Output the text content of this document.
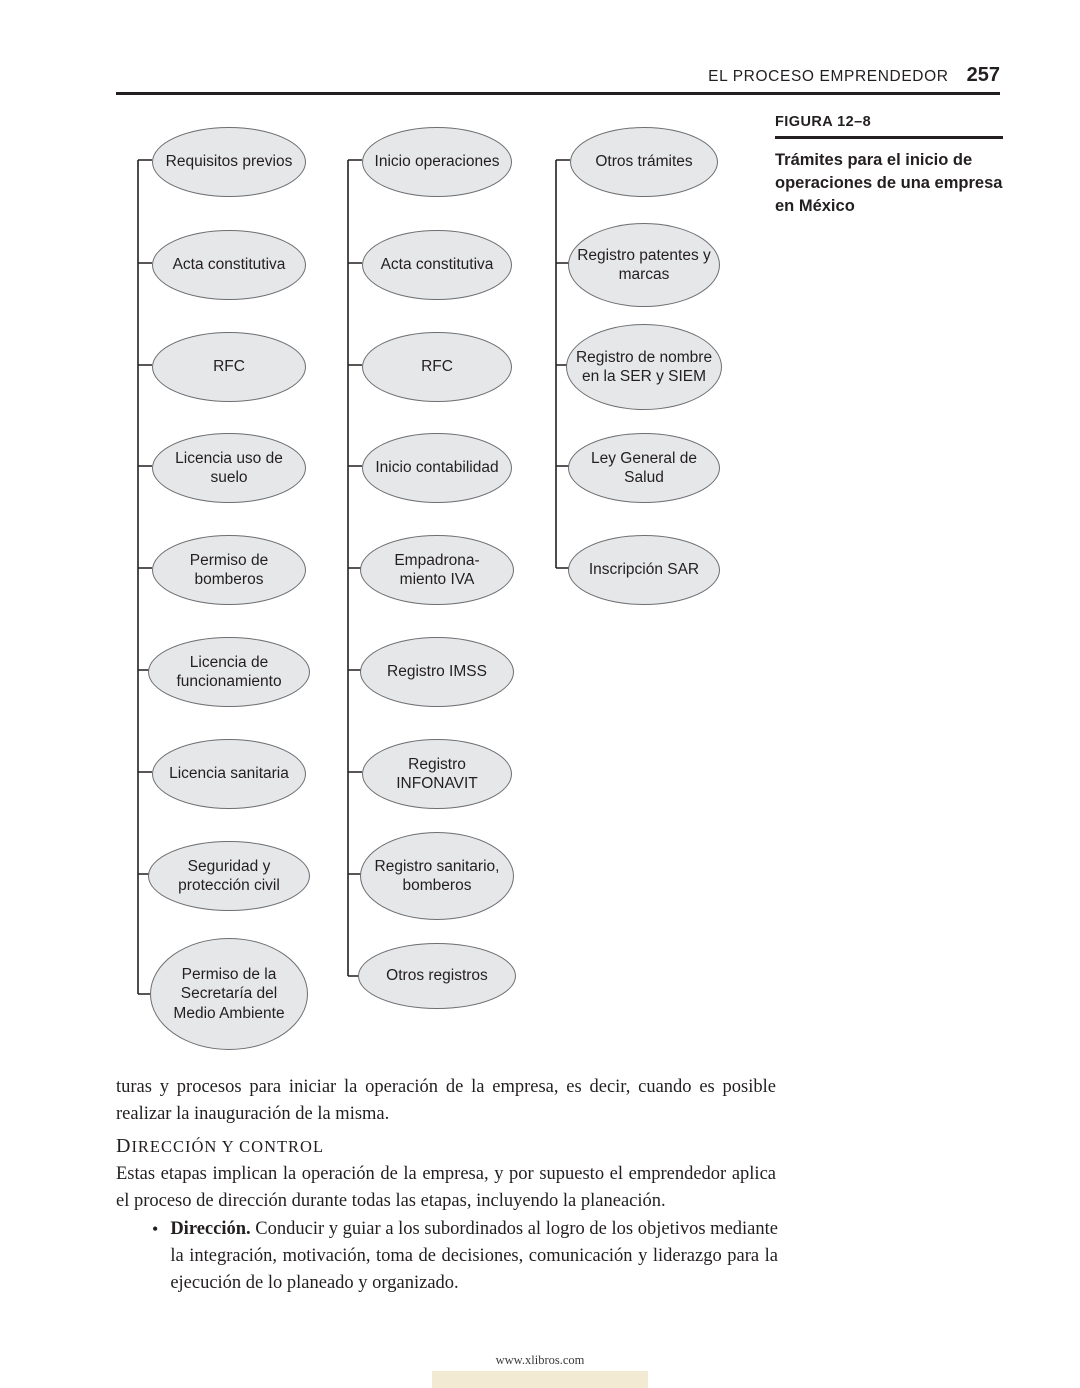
EL PROCESO EMPRENDEDOR 257
FIGURA 12–8
Trámites para el inicio de operaciones de una empresa en México
Requisitos previos
Acta constitutiva
RFC
Licencia uso de suelo
Permiso de bomberos
Licencia de funcionamiento
Licencia sanitaria
Seguridad y protección civil
Permiso de la Secretaría del Medio Ambiente
Inicio operaciones
Acta constitutiva
RFC
Inicio contabilidad
Empadrona- miento IVA
Registro IMSS
Registro INFONAVIT
Registro sanitario, bomberos
Otros registros
Otros trámites
Registro patentes y marcas
Registro de nombre en la SER y SIEM
Ley General de Salud
Inscripción SAR
turas y procesos para iniciar la operación de la empresa, es decir, cuando es posible realizar la inauguración de la misma.
DIRECCIÓN Y CONTROL
Estas etapas implican la operación de la empresa, y por supuesto el emprendedor aplica el proceso de dirección durante todas las etapas, incluyendo la planeación.
• Dirección. Conducir y guiar a los subordinados al logro de los objetivos mediante la integración, motivación, toma de decisiones, comunicación y liderazgo para la ejecución de lo planeado y organizado.
www.xlibros.com
